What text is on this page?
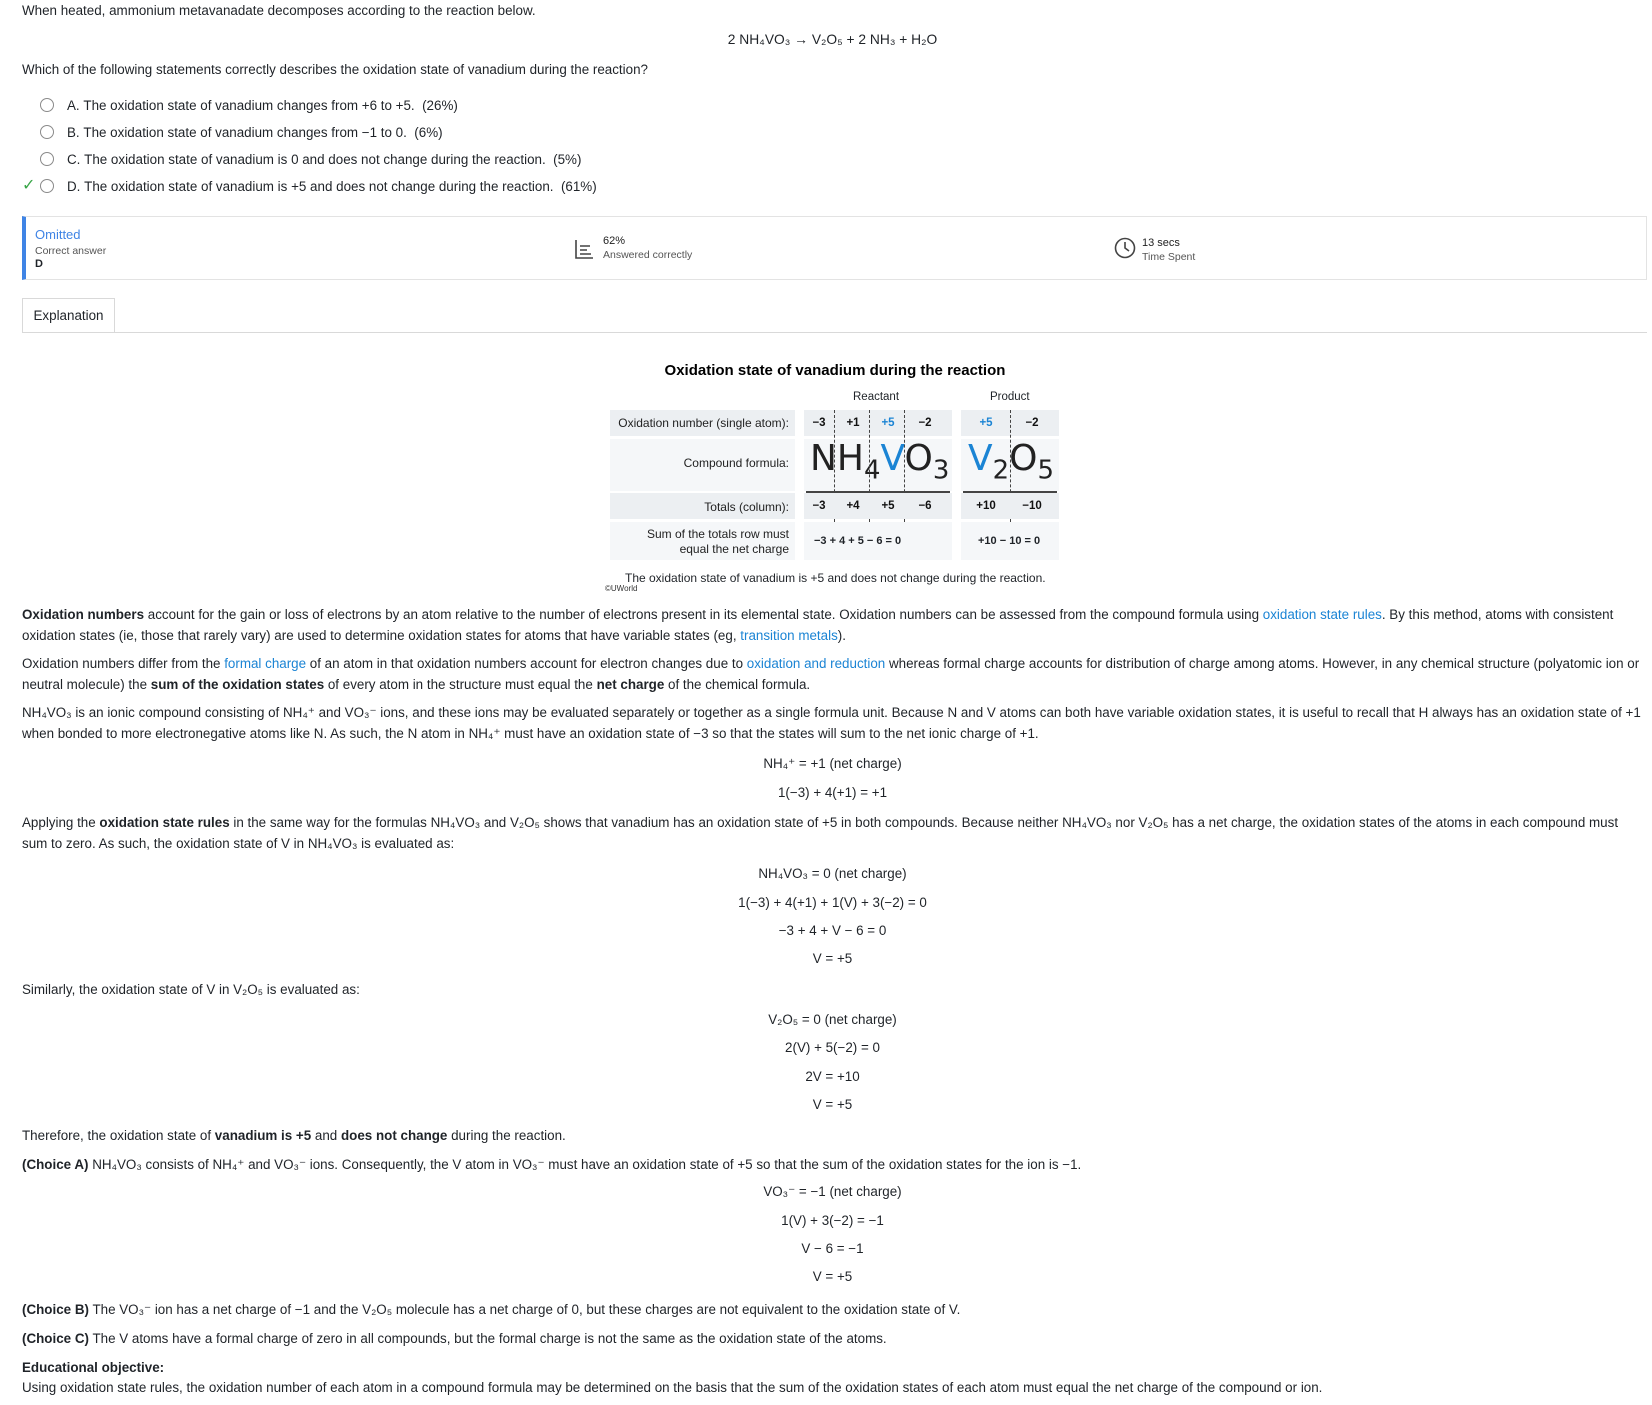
When heated, ammonium metavanadate decomposes according to the reaction below.
2 NH₄VO₃ → V₂O₅ + 2 NH₃ + H₂O
Which of the following statements correctly describes the oxidation state of vanadium during the reaction?
A.
The oxidation state of vanadium changes from +6 to +5.
(26%)
B.
The oxidation state of vanadium changes from −1 to 0.
(6%)
C.
The oxidation state of vanadium is 0 and does not change during the reaction.
(5%)
✓ D.
The oxidation state of vanadium is +5 and does not change during the reaction.
(61%)
Omitted
Correct answer
D
62%
Answered correctly
13 secs
Time Spent
Explanation
Oxidation state of vanadium during the reaction
Reactant	Product
Oxidation number (single atom):	−3	+1	+5	−2	+5	−2
Compound formula: $NH_4VO_3$ $V_2O_5$
Totals (column):	−3	+4	+5	−6	+10	−10
Sum of the totals row must equal the net charge
−3 + 4 + 5 − 6 = 0	+10 − 10 = 0
The oxidation state of vanadium is +5 and does not change during the reaction.
©UWorld
Oxidation numbers account for the gain or loss of electrons by an atom relative to the number of electrons present in its elemental state. Oxidation numbers can be assessed from the compound formula using oxidation state rules. By this method, atoms with consistent oxidation states (ie, those that rarely vary) are used to determine oxidation states for atoms that have variable states (eg, transition metals).
Oxidation numbers differ from the formal charge of an atom in that oxidation numbers account for electron changes due to oxidation and reduction whereas formal charge accounts for distribution of charge among atoms. However, in any chemical structure (polyatomic ion or neutral molecule) the sum of the oxidation states of every atom in the structure must equal the net charge of the chemical formula.
NH₄VO₃ is an ionic compound consisting of NH₄⁺ and VO₃⁻ ions, and these ions may be evaluated separately or together as a single formula unit. Because N and V atoms can both have variable oxidation states, it is useful to recall that H always has an oxidation state of +1 when bonded to more electronegative atoms like N. As such, the N atom in NH₄⁺ must have an oxidation state of −3 so that the states will sum to the net ionic charge of +1.
NH₄⁺ = +1 (net charge)
1(−3) + 4(+1) = +1
Applying the oxidation state rules in the same way for the formulas NH₄VO₃ and V₂O₅ shows that vanadium has an oxidation state of +5 in both compounds. Because neither NH₄VO₃ nor V₂O₅ has a net charge, the oxidation states of the atoms in each compound must sum to zero. As such, the oxidation state of V in NH₄VO₃ is evaluated as:
NH₄VO₃ = 0 (net charge)
1(−3) + 4(+1) + 1(V) + 3(−2) = 0
−3 + 4 + V − 6 = 0
V = +5
Similarly, the oxidation state of V in V₂O₅ is evaluated as:
V₂O₅ = 0 (net charge)
2(V) + 5(−2) = 0
2V = +10
V = +5
Therefore, the oxidation state of vanadium is +5 and does not change during the reaction.
(Choice A) NH₄VO₃ consists of NH₄⁺ and VO₃⁻ ions. Consequently, the V atom in VO₃⁻ must have an oxidation state of +5 so that the sum of the oxidation states for the ion is −1.
VO₃⁻ = −1 (net charge)
1(V) + 3(−2) = −1
V − 6 = −1
V = +5
(Choice B) The VO₃⁻ ion has a net charge of −1 and the V₂O₅ molecule has a net charge of 0, but these charges are not equivalent to the oxidation state of V.
(Choice C) The V atoms have a formal charge of zero in all compounds, but the formal charge is not the same as the oxidation state of the atoms.
Educational objective:
Using oxidation state rules, the oxidation number of each atom in a compound formula may be determined on the basis that the sum of the oxidation states of each atom must equal the net charge of the compound or ion.
